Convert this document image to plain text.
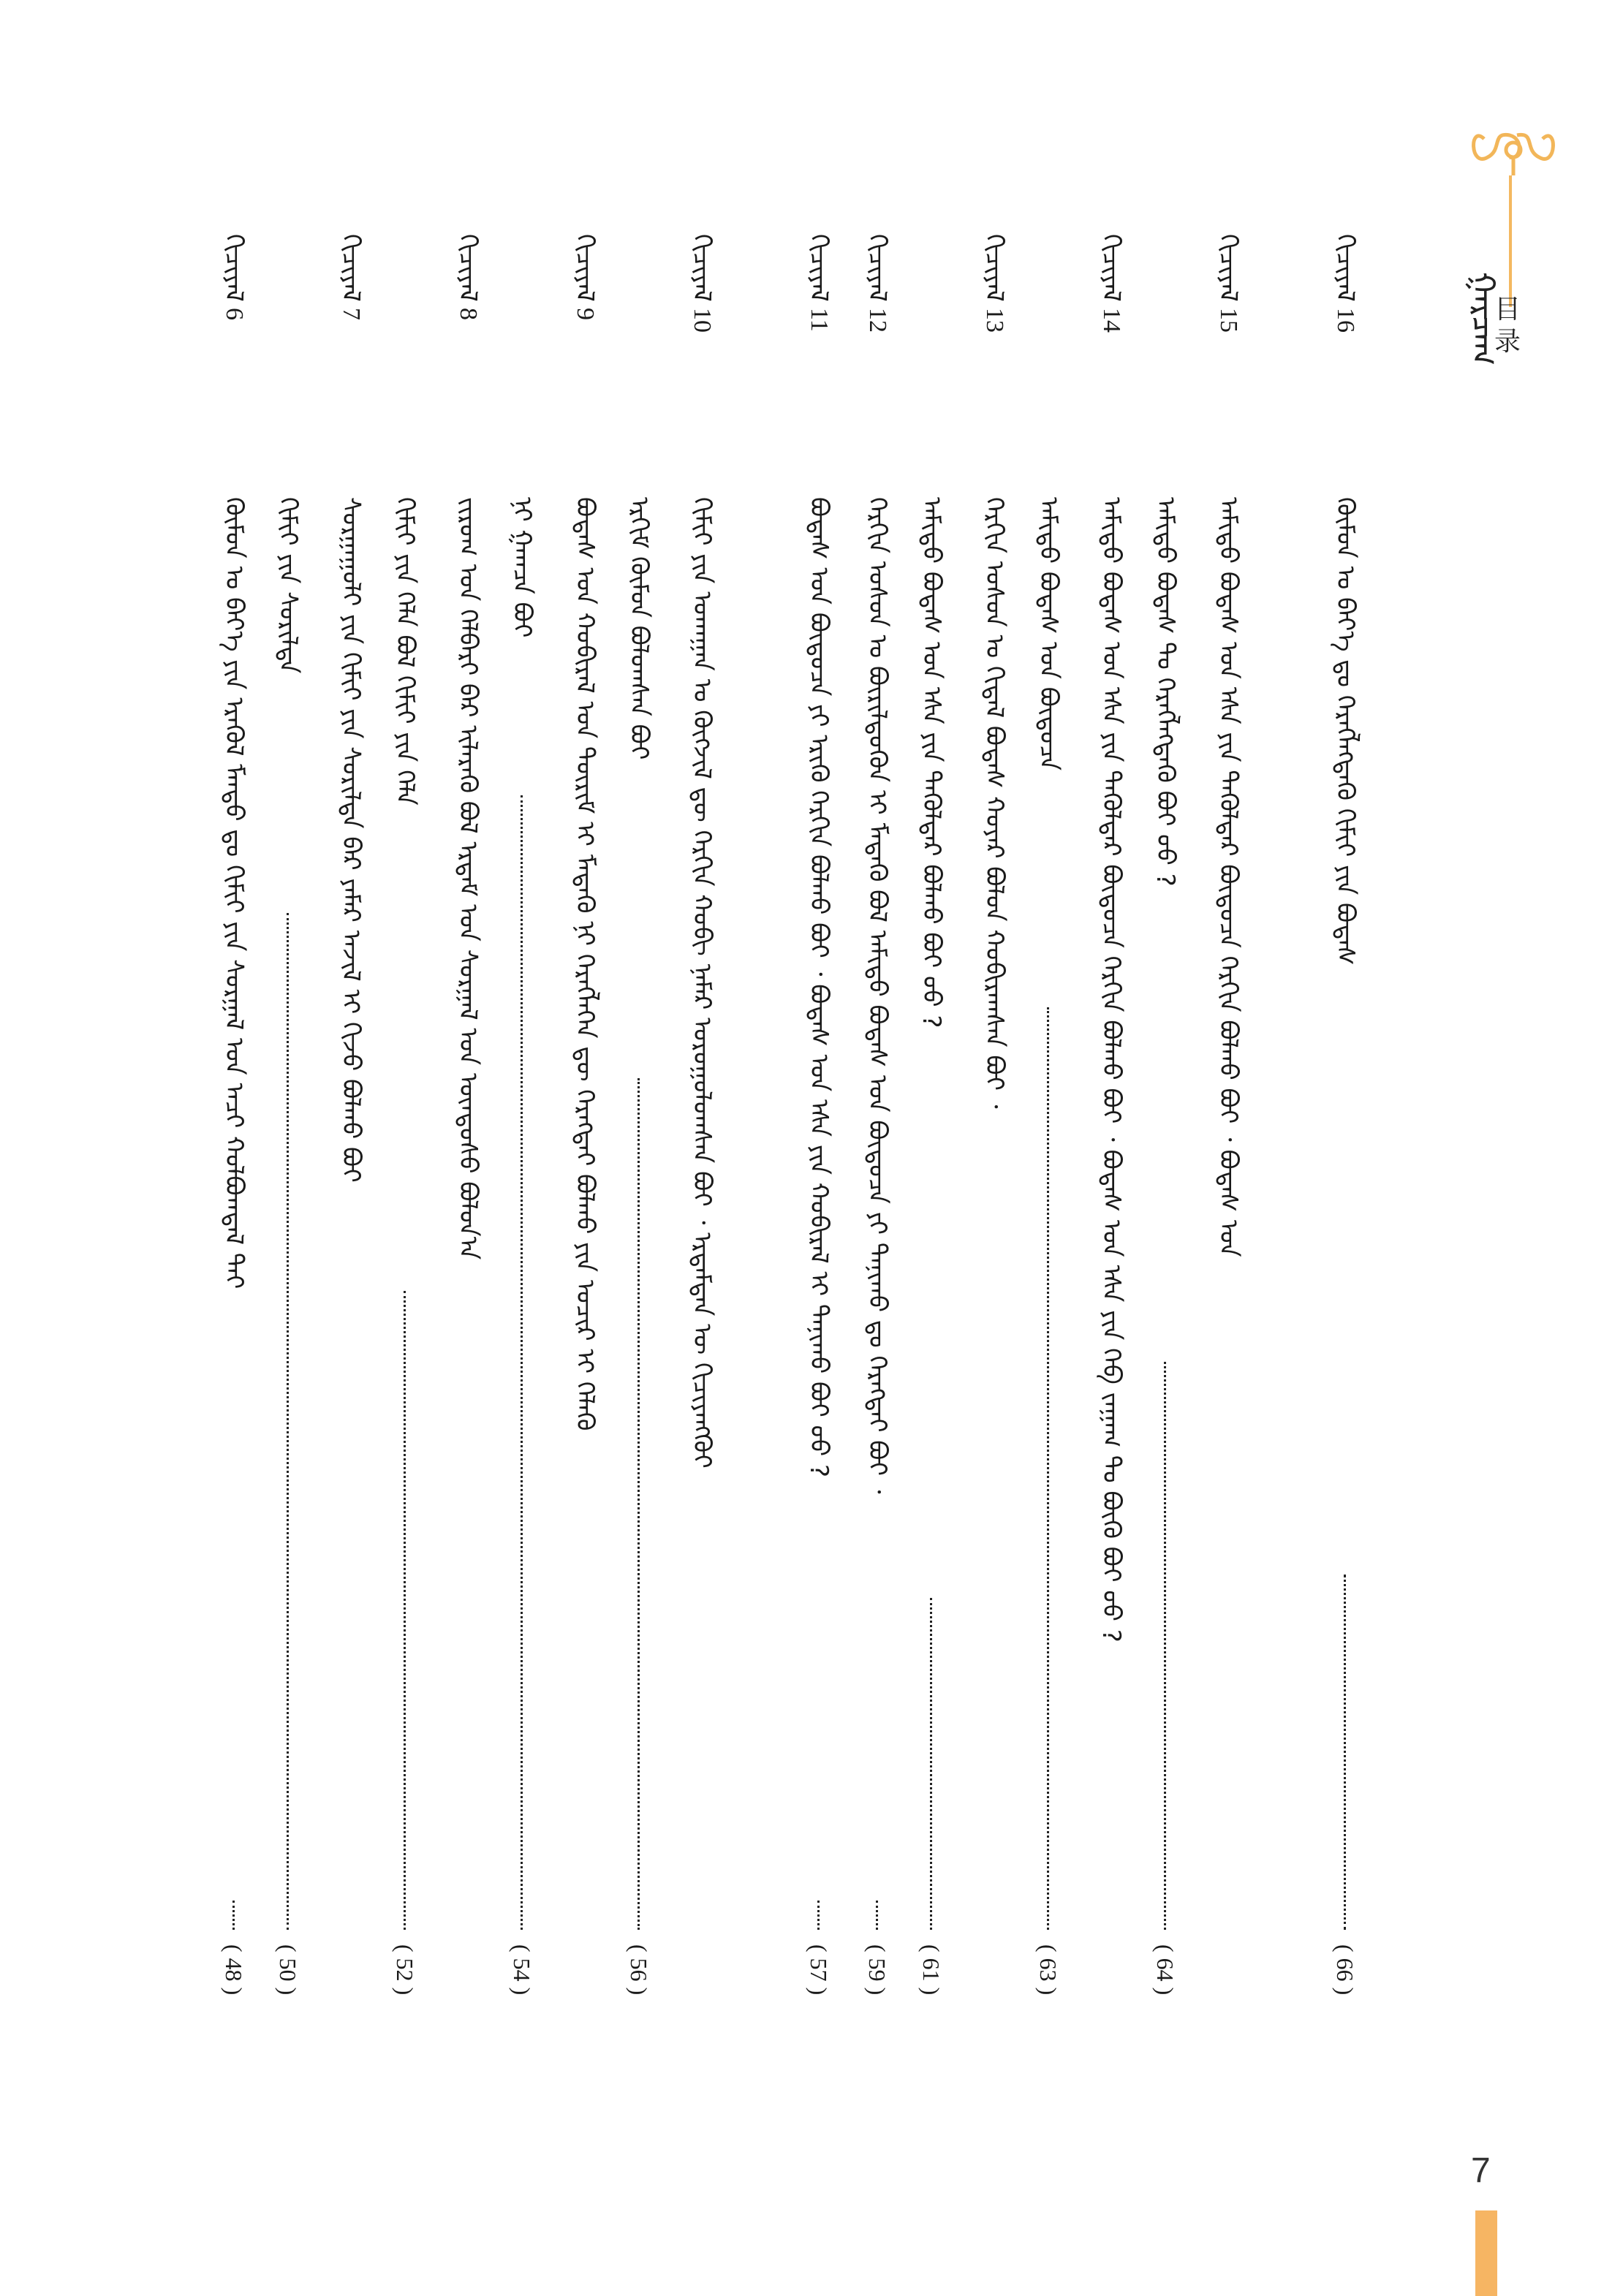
ᠭᠠᠷᠴᠠᠭ
目录
ᠬᠢᠴᠢᠶᠡᠯ
16
ᠬᠦᠮᠦᠨ ᠤ ᠪᠡᠶ᠎ᠡ ᠳᠤ ᠬᠡᠷᠡᠭᠯᠡᠭᠳᠡᠬᠦ ᠬᠢᠮᠢᠢ ᠶᠢᠨ ᠪᠣᠳᠠᠰ
( 66 )
ᠬᠢᠴᠢᠶᠡᠯ
15
ᠠᠮᠢᠳᠤ ᠪᠣᠳᠠᠰ ᠤᠨ ᠡᠰᠡ ᠶᠢᠨ ᠲᠡᠭᠦᠯᠳᠡᠷ ᠪᠦᠲᠦᠴᠡ ᠬᠡᠷᠬᠢᠨ ᠪᠣᠯᠬᠤ ᠪᠣᠢ ᠂ ᠪᠣᠳᠠᠰ ᠤᠨ
ᠠᠮᠢᠳᠤ ᠪᠣᠳᠠᠰ ᠲᠤ ᠬᠡᠷᠡᠭᠯᠡᠭᠳᠡᠬᠦ ᠪᠣᠢ ᠤᠤ ?
( 64 )
ᠬᠢᠴᠢᠶᠡᠯ
14
ᠠᠮᠢᠳᠤ ᠪᠣᠳᠠᠰ ᠤᠨ ᠡᠰᠡ ᠶᠢᠨ ᠲᠡᠭᠦᠯᠳᠡᠷ ᠪᠦᠲᠦᠴᠡ ᠬᠡᠷᠬᠢᠨ ᠪᠣᠯᠬᠤ ᠪᠣᠢ ᠂ ᠪᠣᠳᠠᠰ ᠤᠨ ᠡᠰᠡ ᠶᠢᠨ ᠬᠡᠪ ᠵᠠᠭᠠᠭ ᠲᠤ ᠪᠦᠬᠦ ᠪᠣᠢ ᠤᠤ ?
ᠠᠮᠢᠳᠤ ᠪᠣᠳᠠᠰ ᠤᠨ ᠪᠦᠲᠦᠴᠡ
( 63 )
ᠬᠢᠴᠢᠶᠡᠯ
13
ᠬᠡᠷᠬᠢᠨ ᠤᠰᠤᠨ ᠤ ᠬᠢᠳᠠᠯ ᠪᠣᠳᠠᠰ ᠬᠣᠶᠠᠷ ᠪᠣᠯᠤᠨ ᠬᠤᠪᠢᠷᠠᠭᠰᠠᠨ ᠪᠣᠢ ᠂
ᠠᠮᠢᠳᠤ ᠪᠣᠳᠠᠰ ᠤᠨ ᠡᠰᠡ ᠶᠢᠨ ᠲᠡᠭᠦᠯᠳᠡᠷ ᠪᠣᠯᠬᠤ ᠪᠣᠢ ᠤᠤ ?
( 61 )
ᠬᠢᠴᠢᠶᠡᠯ
12
ᠬᠡᠷᠬᠢᠨ ᠤᠰᠤᠨ ᠤ ᠪᠦᠷᠢᠯᠳᠦᠬᠦᠨ ᠢ ᠮᠡᠳᠡᠬᠦ ᠪᠣᠯ ᠠᠮᠢᠳᠤ ᠪᠣᠳᠠᠰ ᠤᠨ ᠪᠦᠲᠦᠴᠡ ᠶᠢ ᠲᠠᠨᠢᠬᠤ ᠳᠤ ᠬᠡᠷᠡᠭᠲᠡᠢ ᠪᠣᠢ ᠂
( 59 )
ᠬᠢᠴᠢᠶᠡᠯ
11
ᠪᠣᠳᠠᠰ ᠤᠨ ᠪᠦᠲᠦᠴᠡ ᠶᠢ ᠡᠷᠢᠬᠦ ᠬᠡᠷᠬᠢᠨ ᠪᠣᠯᠬᠤ ᠪᠣᠢ ᠂ ᠪᠣᠳᠠᠰ ᠤᠨ ᠡᠰᠡ ᠶᠢᠨ ᠬᠤᠪᠢᠷᠠᠯ ᠢ ᠲᠠᠨᠢᠬᠤ ᠪᠣᠢ ᠤᠤ ?
( 57 )
ᠬᠢᠴᠢᠶᠡᠯ
10
ᠬᠢᠮᠢᠢ ᠶᠢᠨ ᠤᠬᠠᠭᠠᠨ ᠤ ᠬᠦᠭᠵᠢᠯ ᠳᠦ ᠬᠡᠷᠬᠢᠨ ᠬᠤᠪᠢ ᠨᠡᠮᠡᠷ ᠣᠷᠤᠭᠤᠯᠤᠭᠰᠠᠨ ᠪᠣᠢ ᠂ ᠡᠷᠳᠡᠮᠲᠡᠨ ᠦ ᠬᠢᠴᠢᠶᠡᠩᠭᠦᠢ
ᠡᠷᠬᠢᠮ ᠬᠦᠮᠦᠨ ᠪᠣᠯᠤᠭᠰᠠᠨ ᠪᠣᠢ
( 56 )
ᠬᠢᠴᠢᠶᠡᠯ
9
ᠪᠣᠳᠠᠰ ᠤᠨ ᠬᠤᠪᠢᠷᠠᠯ ᠤᠨ ᠳᠦᠷᠢᠮ ᠢ ᠮᠡᠳᠡᠬᠦ ᠨᠢ ᠬᠡᠷᠡᠭᠯᠡᠭᠡᠨ ᠳᠦ ᠬᠡᠷᠡᠭᠲᠡᠢ ᠪᠣᠯᠬᠤ ᠶᠢᠨ ᠤᠴᠢᠷ ᠢ ᠬᠡᠯᠡᠬᠦ
ᠨᠢ ᠭᠠᠭᠴᠠ ᠪᠣᠢ
( 54 )
ᠬᠢᠴᠢᠶᠡᠯ
8
ᠵᠢᠷᠤᠭ ᠤᠨ ᠬᠡᠯᠪᠡᠷᠢ ᠪᠡᠷ ᠢᠯᠡᠷᠡᠬᠦ ᠪᠣᠯ ᠡᠷᠳᠡᠮ ᠤᠨ ᠰᠤᠷᠭᠠᠯ ᠤᠨ ᠦᠨᠳᠦᠰᠦ ᠪᠣᠯᠤᠨ᠎ᠠ
ᠬᠢᠮᠢᠢ ᠶᠢᠨ ᠬᠡᠯᠡ ᠪᠣᠯ ᠬᠢᠮᠢᠢ ᠶᠢᠨ ᠬᠡᠯᠡ
( 52 )
ᠬᠢᠴᠢᠶᠡᠯ
7
ᠰᠤᠷᠭᠠᠭᠤᠯᠢ ᠶᠢᠨ ᠬᠢᠮᠢᠢ ᠶᠢᠨ ᠰᠣᠷᠢᠯᠲᠠ ᠪᠠᠷ ᠶᠠᠮᠠᠷ ᠠᠵᠢᠯ ᠢ ᠬᠢᠵᠦ ᠪᠣᠯᠬᠤ ᠪᠣᠢ
ᠬᠢᠮᠢᠢ ᠶᠢᠨ ᠰᠣᠷᠢᠯᠲᠠ
( 50 )
ᠬᠢᠴᠢᠶᠡᠯ
6
ᠬᠦᠮᠦᠨ ᠤ ᠪᠡᠶ᠎ᠡ ᠶᠢᠨ ᠡᠷᠡᠭᠦᠯ ᠮᠡᠨᠳᠦ ᠳᠤ ᠬᠢᠮᠢᠢ ᠶᠢᠨ ᠰᠤᠷᠭᠠᠯ ᠤᠨ ᠠᠴᠢ ᠬᠣᠯᠪᠣᠭᠳᠠᠯ ᠲᠠᠢ
( 48 )
7
